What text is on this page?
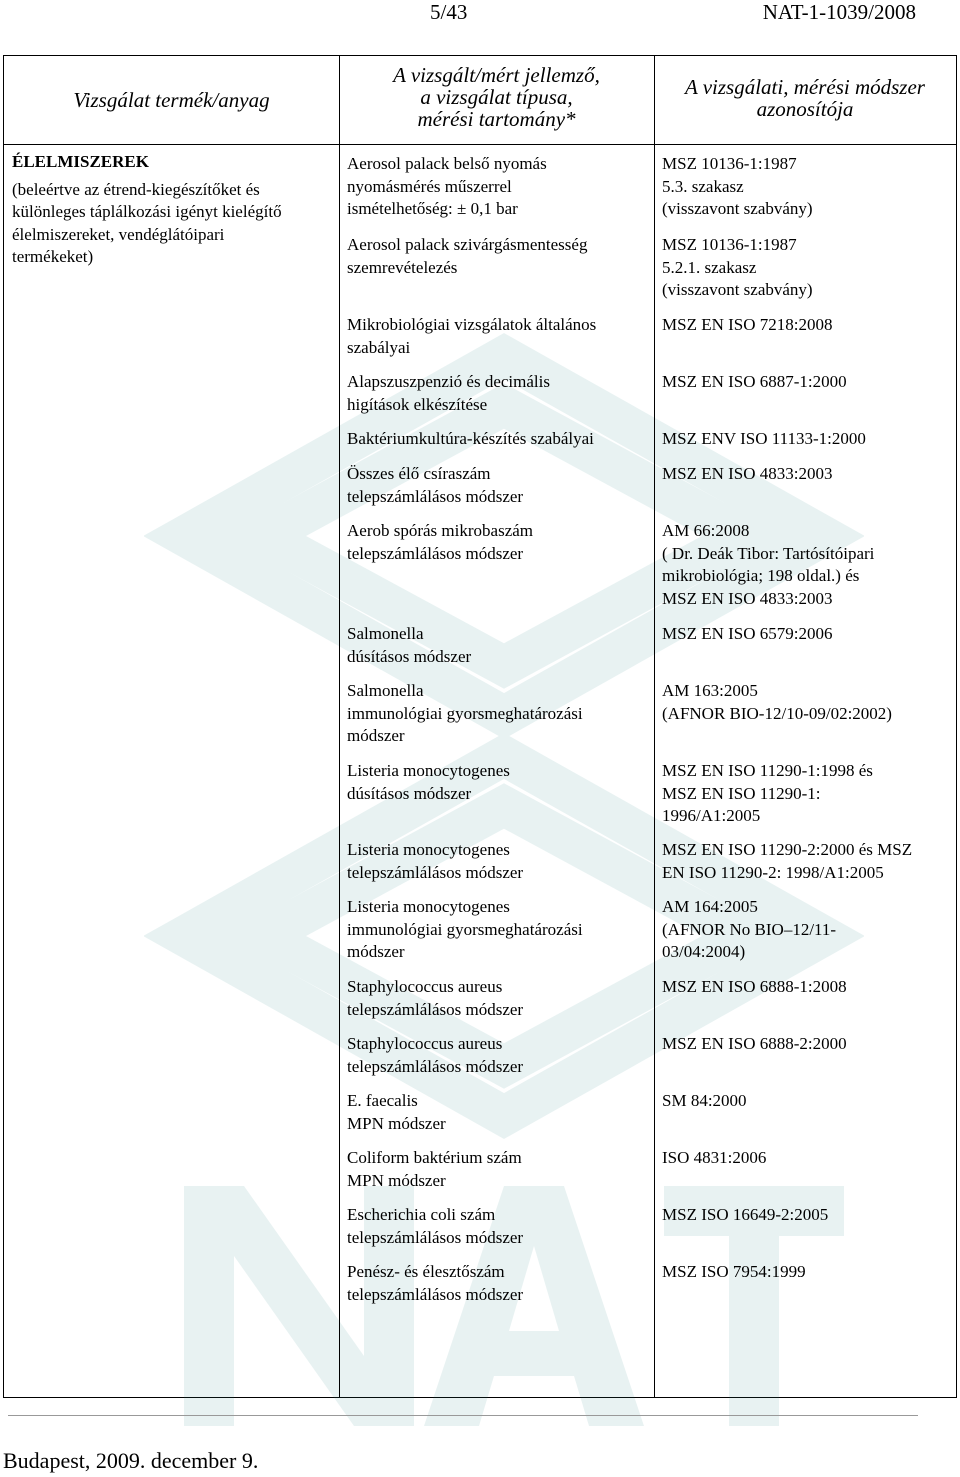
5/43	NAT-1-1039/2008
Vizsgálat termék/anyag
A vizsgált/mért jellemző,
a vizsgálat típusa,
mérési tartomány*
A vizsgálati, mérési módszer
azonosítója
ÉLELMISZEREK
(beleértve az étrend-kiegészítőket és
különleges táplálkozási igényt kielégítő
élelmiszereket, vendéglátóipari
termékeket)
Aerosol palack belső nyomás
nyomásmérés műszerrel
ismételhetőség: ± 0,1 bar
Aerosol palack szivárgásmentesség
szemrevételezés
Mikrobiológiai vizsgálatok általános
szabályai
Alapszuszpenzió és decimális
higítások elkészítése
Baktériumkultúra-készítés szabályai
Összes élő csíraszám
telepszámlálásos módszer
Aerob spórás mikrobaszám
telepszámlálásos módszer
Salmonella
dúsításos módszer
Salmonella
immunológiai gyorsmeghatározási
módszer
Listeria monocytogenes
dúsításos módszer
Listeria monocytogenes
telepszámlálásos módszer
Listeria monocytogenes
immunológiai gyorsmeghatározási
módszer
Staphylococcus aureus
telepszámlálásos módszer
Staphylococcus aureus
telepszámlálásos módszer
E. faecalis
MPN módszer
Coliform baktérium szám
MPN módszer
Escherichia coli szám
telepszámlálásos módszer
Penész- és élesztőszám
telepszámlálásos módszer
MSZ 10136-1:1987
5.3. szakasz
(visszavont szabvány)
MSZ 10136-1:1987
5.2.1. szakasz
(visszavont szabvány)
MSZ EN ISO 7218:2008
MSZ EN ISO 6887-1:2000
MSZ ENV ISO 11133-1:2000
MSZ EN ISO 4833:2003
AM 66:2008
( Dr. Deák Tibor: Tartósítóipari
mikrobiológia; 198 oldal.) és
MSZ EN ISO 4833:2003
MSZ EN ISO 6579:2006
AM 163:2005
(AFNOR BIO-12/10-09/02:2002)
MSZ EN ISO 11290-1:1998 és
MSZ EN ISO 11290-1:
1996/A1:2005
MSZ EN ISO 11290-2:2000 és MSZ
EN ISO 11290-2: 1998/A1:2005
AM 164:2005
(AFNOR No BIO–12/11-
03/04:2004)
MSZ EN ISO 6888-1:2008
MSZ EN ISO 6888-2:2000
SM 84:2000
ISO 4831:2006
MSZ ISO 16649-2:2005
MSZ ISO 7954:1999
Budapest, 2009. december 9.
